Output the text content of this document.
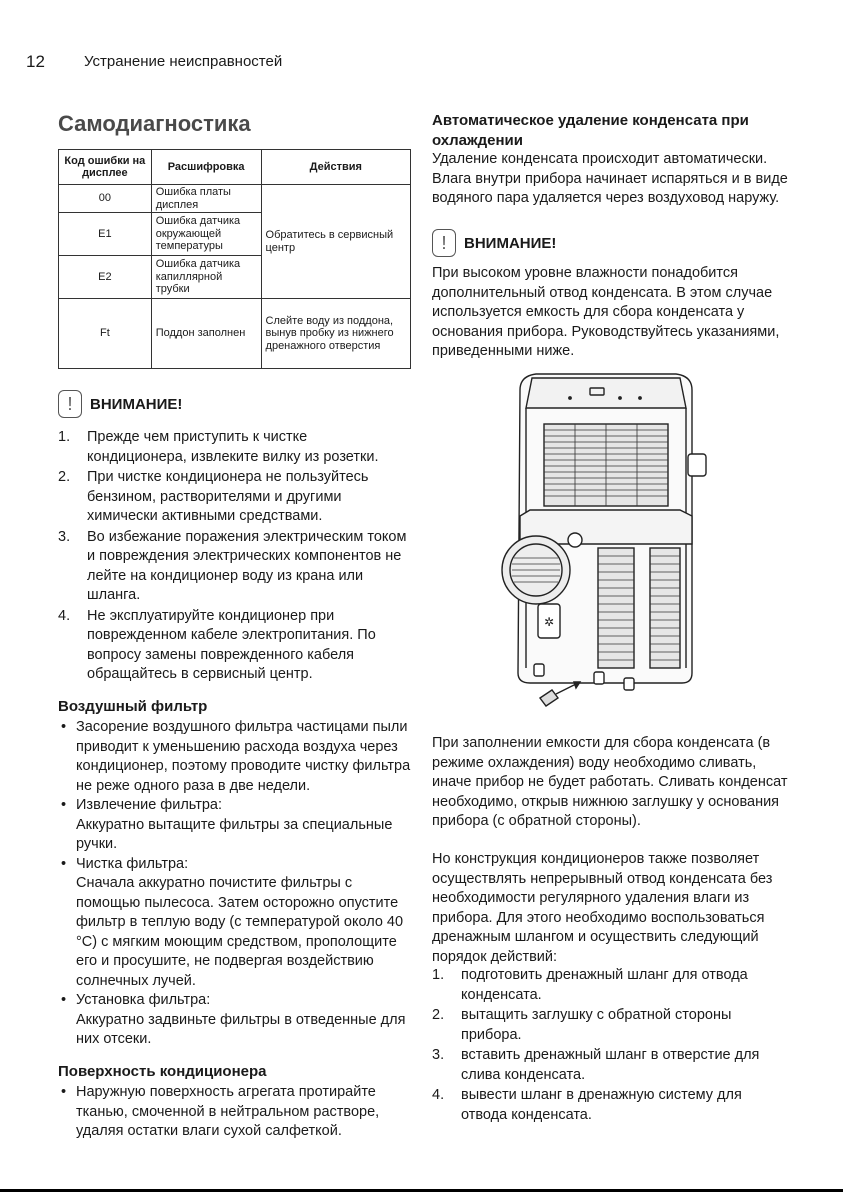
12	Устранение неисправностей
Самодиагностика
Код ошибки на дисплее	Расшифровка	Действия
00	Ошибка платы дисплея	Обратитесь в сервисный центр
E1	Ошибка датчика окружающей температуры	
E2	Ошибка датчика капиллярной трубки	
Ft	Поддон заполнен	Слейте воду из поддона, вынув пробку из нижнего дренажного отверстия
!	ВНИМАНИЕ!
1. Прежде чем приступить к чистке кондиционера, извлеките вилку из розетки.
2. При чистке кондиционера не пользуйтесь бензином, растворителями и другими химически активными средствами.
3. Во избежание поражения электрическим током и повреждения электрических компонентов не лейте на кондиционер воду из крана или шланга.
4. Не эксплуатируйте кондиционер при поврежденном кабеле электропитания. По вопросу замены поврежденного кабеля обращайтесь в сервисный центр.
Воздушный фильтр
• Засорение воздушного фильтра частицами пыли приводит к уменьшению расхода воздуха через кондиционер, поэтому проводите чистку фильтра не реже одного раза в две недели.
• Извлечение фильтра:
Аккуратно вытащите фильтры за специальные ручки.
• Чистка фильтра:
Сначала аккуратно почистите фильтры с помощью пылесоса. Затем осторожно опустите фильтр в теплую воду (с температурой около 40 °C) с мягким моющим средством, прополощите его и просушите, не подвергая воздействию солнечных лучей.
• Установка фильтра:
Аккуратно задвиньте фильтры в отведенные для них отсеки.
Поверхность кондиционера
• Наружную поверхность агрегата протирайте тканью, смоченной в нейтральном растворе, удаляя остатки влаги сухой салфеткой.
Автоматическое удаление конденсата при охлаждении
Удаление конденсата происходит автоматически. Влага внутри прибора начинает испаряться и в виде водяного пара удаляется через воздуховод наружу.
!	ВНИМАНИЕ!
При высоком уровне влажности понадобится дополнительный отвод конденсата. В этом случае используется емкость для сбора конденсата у основания прибора. Руководствуйтесь указаниями, приведенными ниже.
✲
При заполнении емкости для сбора конденсата (в режиме охлаждения) воду необходимо сливать, иначе прибор не будет работать. Сливать конденсат необходимо, открыв нижнюю заглушку у основания прибора (с обратной стороны).
Но конструкция кондиционеров также позволяет осуществлять непрерывный отвод конденсата без необходимости регулярного удаления влаги из прибора. Для этого необходимо воспользоваться дренажным шлангом и осуществить следующий порядок действий:
1. подготовить дренажный шланг для отвода конденсата.
2. вытащить заглушку с обратной стороны прибора.
3. вставить дренажный шланг в отверстие для слива конденсата.
4. вывести шланг в дренажную систему для отвода конденсата.
